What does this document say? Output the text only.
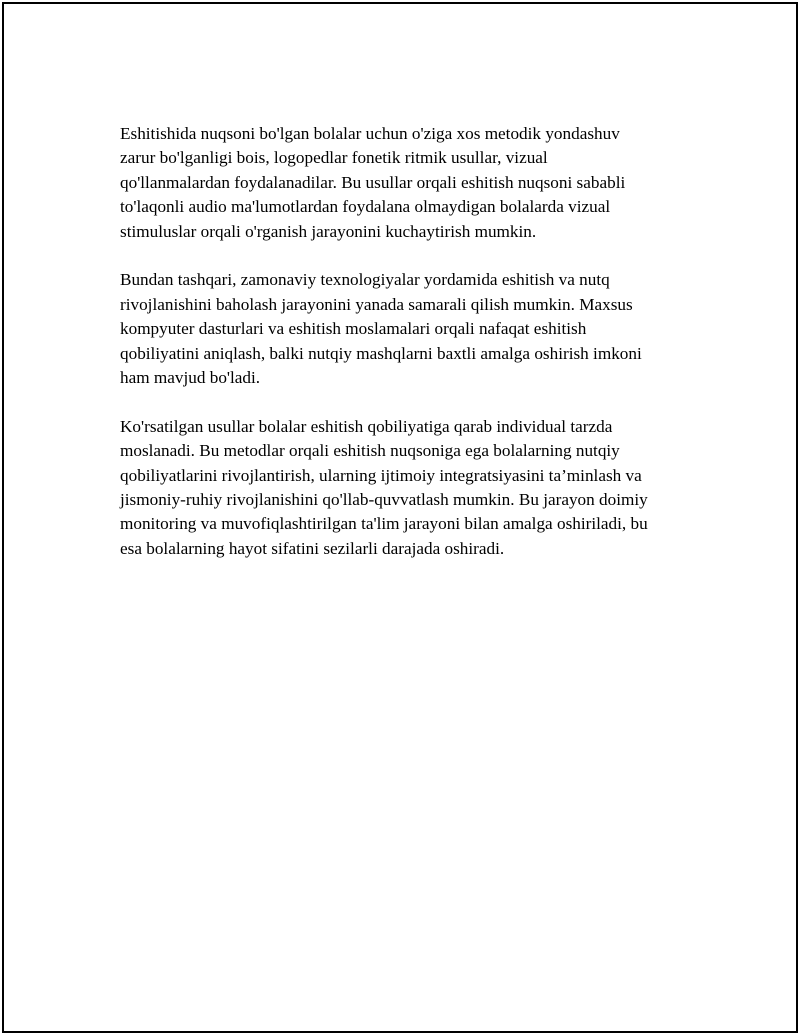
Eshitishida nuqsoni bo'lgan bolalar uchun o'ziga xos metodik yondashuv
zarur bo'lganligi bois, logopedlar fonetik ritmik usullar, vizual
qo'llanmalardan foydalanadilar. Bu usullar orqali eshitish nuqsoni sababli
to'laqonli audio ma'lumotlardan foydalana olmaydigan bolalarda vizual
stimuluslar orqali o'rganish jarayonini kuchaytirish mumkin.

Bundan tashqari, zamonaviy texnologiyalar yordamida eshitish va nutq
rivojlanishini baholash jarayonini yanada samarali qilish mumkin. Maxsus
kompyuter dasturlari va eshitish moslamalari orqali nafaqat eshitish
qobiliyatini aniqlash, balki nutqiy mashqlarni baxtli amalga oshirish imkoni
ham mavjud bo'ladi.

Ko'rsatilgan usullar bolalar eshitish qobiliyatiga qarab individual tarzda
moslanadi. Bu metodlar orqali eshitish nuqsoniga ega bolalarning nutqiy
qobiliyatlarini rivojlantirish, ularning ijtimoiy integratsiyasini ta’minlash va
jismoniy-ruhiy rivojlanishini qo'llab-quvvatlash mumkin. Bu jarayon doimiy
monitoring va muvofiqlashtirilgan ta'lim jarayoni bilan amalga oshiriladi, bu
esa bolalarning hayot sifatini sezilarli darajada oshiradi.
